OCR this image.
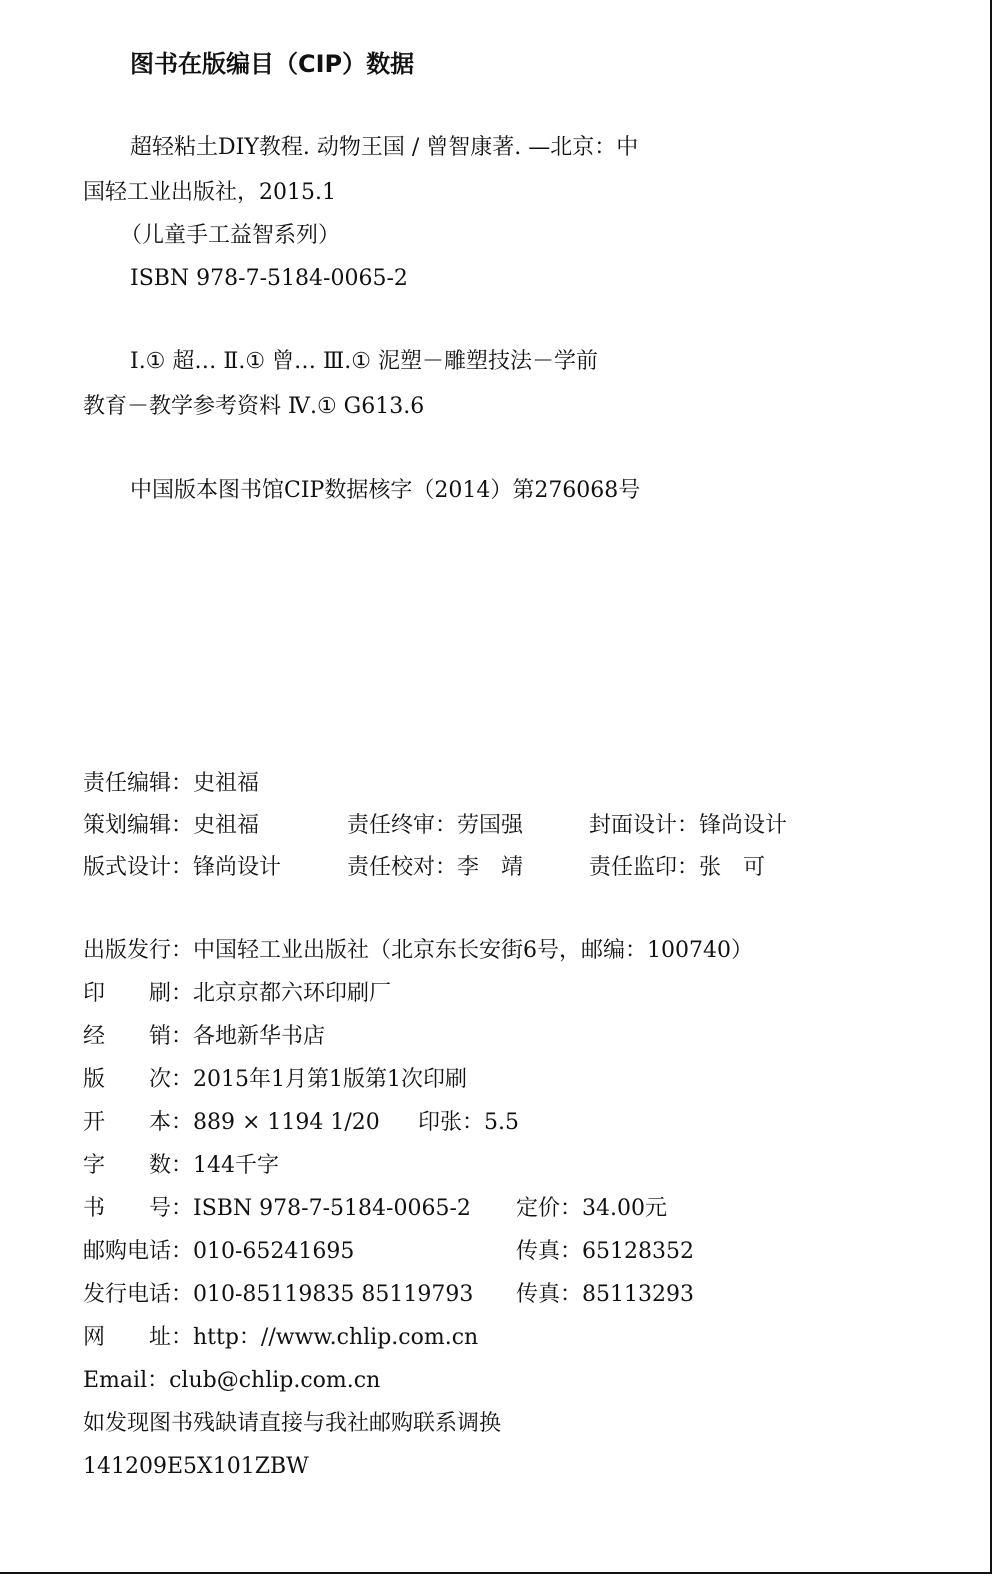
图书在版编目（CIP）数据
超轻粘土DIY教程. 动物王国 / 曾智康著. —北京：中
国轻工业出版社，2015.1
（儿童手工益智系列）
ISBN 978-7-5184-0065-2
Ⅰ.① 超… Ⅱ.① 曾… Ⅲ.① 泥塑－雕塑技法－学前
教育－教学参考资料 Ⅳ.① G613.6
中国版本图书馆CIP数据核字（2014）第276068号
责任编辑：史祖福
策划编辑：史祖福	责任终审：劳国强	封面设计：锋尚设计
版式设计：锋尚设计	责任校对：李　靖	责任监印：张　可
出版发行：中国轻工业出版社（北京东长安街6号，邮编：100740）
印　　刷：北京京都六环印刷厂
经　　销：各地新华书店
版　　次：2015年1月第1版第1次印刷
开　　本：889 × 1194 1/20 印张：5.5
字　　数：144千字
书　　号：ISBN 978-7-5184-0065-2 定价：34.00元
邮购电话：010-65241695	传真：65128352
发行电话：010-85119835 85119793 传真：85113293
网　　址：http：//www.chlip.com.cn
Email：club@chlip.com.cn
如发现图书残缺请直接与我社邮购联系调换
141209E5X101ZBW
